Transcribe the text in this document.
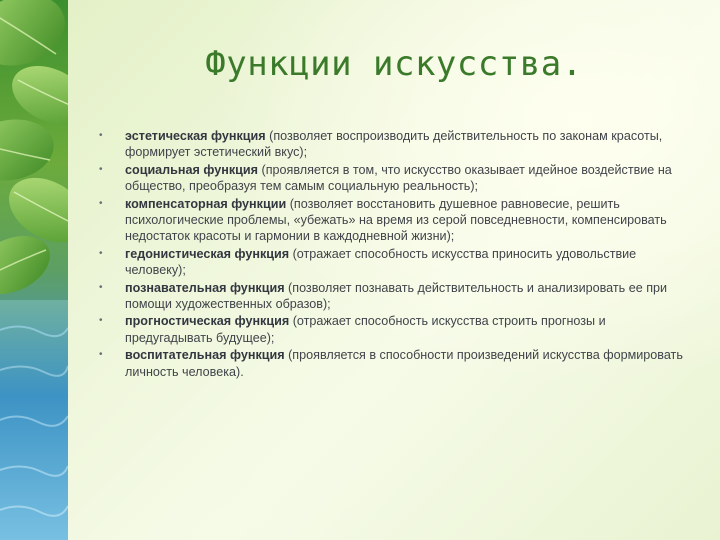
Функции искусства.
• эстетическая функция (позволяет воспроизводить действительность по законам красоты, формирует эстетический вкус);
• социальная функция (проявляется в том, что искусство оказывает идейное воздействие на общество, преобразуя тем самым социальную реальность);
• компенсаторная функции (позволяет восстановить душевное равновесие, решить психологические проблемы, «убежать» на время из серой повседневности, компенсировать недостаток красоты и гармонии в каждодневной жизни);
• гедонистическая функция (отражает способность искусства приносить удовольствие человеку);
• познавательная функция (позволяет познавать действительность и анализировать ее при помощи художественных образов);
• прогностическая функция (отражает способность искусства строить прогнозы и предугадывать будущее);
• воспитательная функция (проявляется в способности произведений искусства формировать личность человека).
